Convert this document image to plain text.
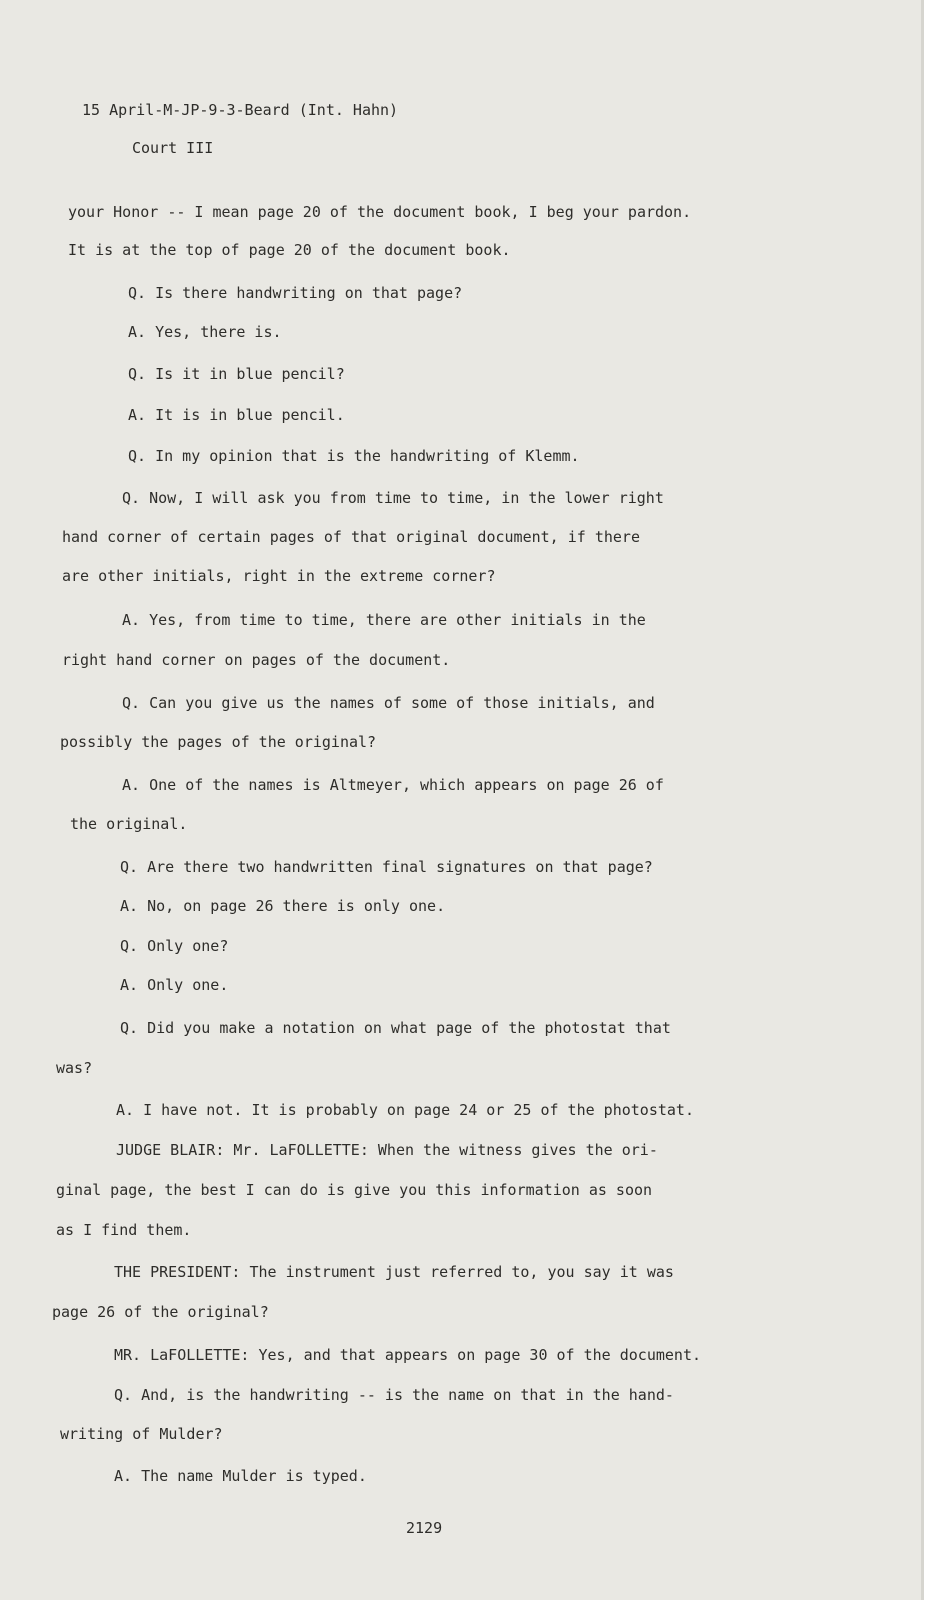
15 April-M-JP-9-3-Beard (Int. Hahn)
Court III
your Honor -- I mean page 20 of the document book, I beg your pardon.
It is at the top of page 20 of the document book.
Q. Is there handwriting on that page?
A. Yes, there is.
Q. Is it in blue pencil?
A. It is in blue pencil.
Q. In my opinion that is the handwriting of Klemm.
Q. Now, I will ask you from time to time, in the lower right
hand corner of certain pages of that original document, if there
are other initials, right in the extreme corner?
A. Yes, from time to time, there are other initials in the
right hand corner on pages of the document.
Q. Can you give us the names of some of those initials, and
possibly the pages of the original?
A. One of the names is Altmeyer, which appears on page 26 of
the original.
Q. Are there two handwritten final signatures on that page?
A. No, on page 26 there is only one.
Q. Only one?
A. Only one.
Q. Did you make a notation on what page of the photostat that
was?
A. I have not. It is probably on page 24 or 25 of the photostat.
JUDGE BLAIR: Mr. LaFOLLETTE: When the witness gives the ori-
ginal page, the best I can do is give you this information as soon
as I find them.
THE PRESIDENT: The instrument just referred to, you say it was
page 26 of the original?
MR. LaFOLLETTE: Yes, and that appears on page 30 of the document.
Q. And, is the handwriting -- is the name on that in the hand-
writing of Mulder?
A. The name Mulder is typed.
2129
